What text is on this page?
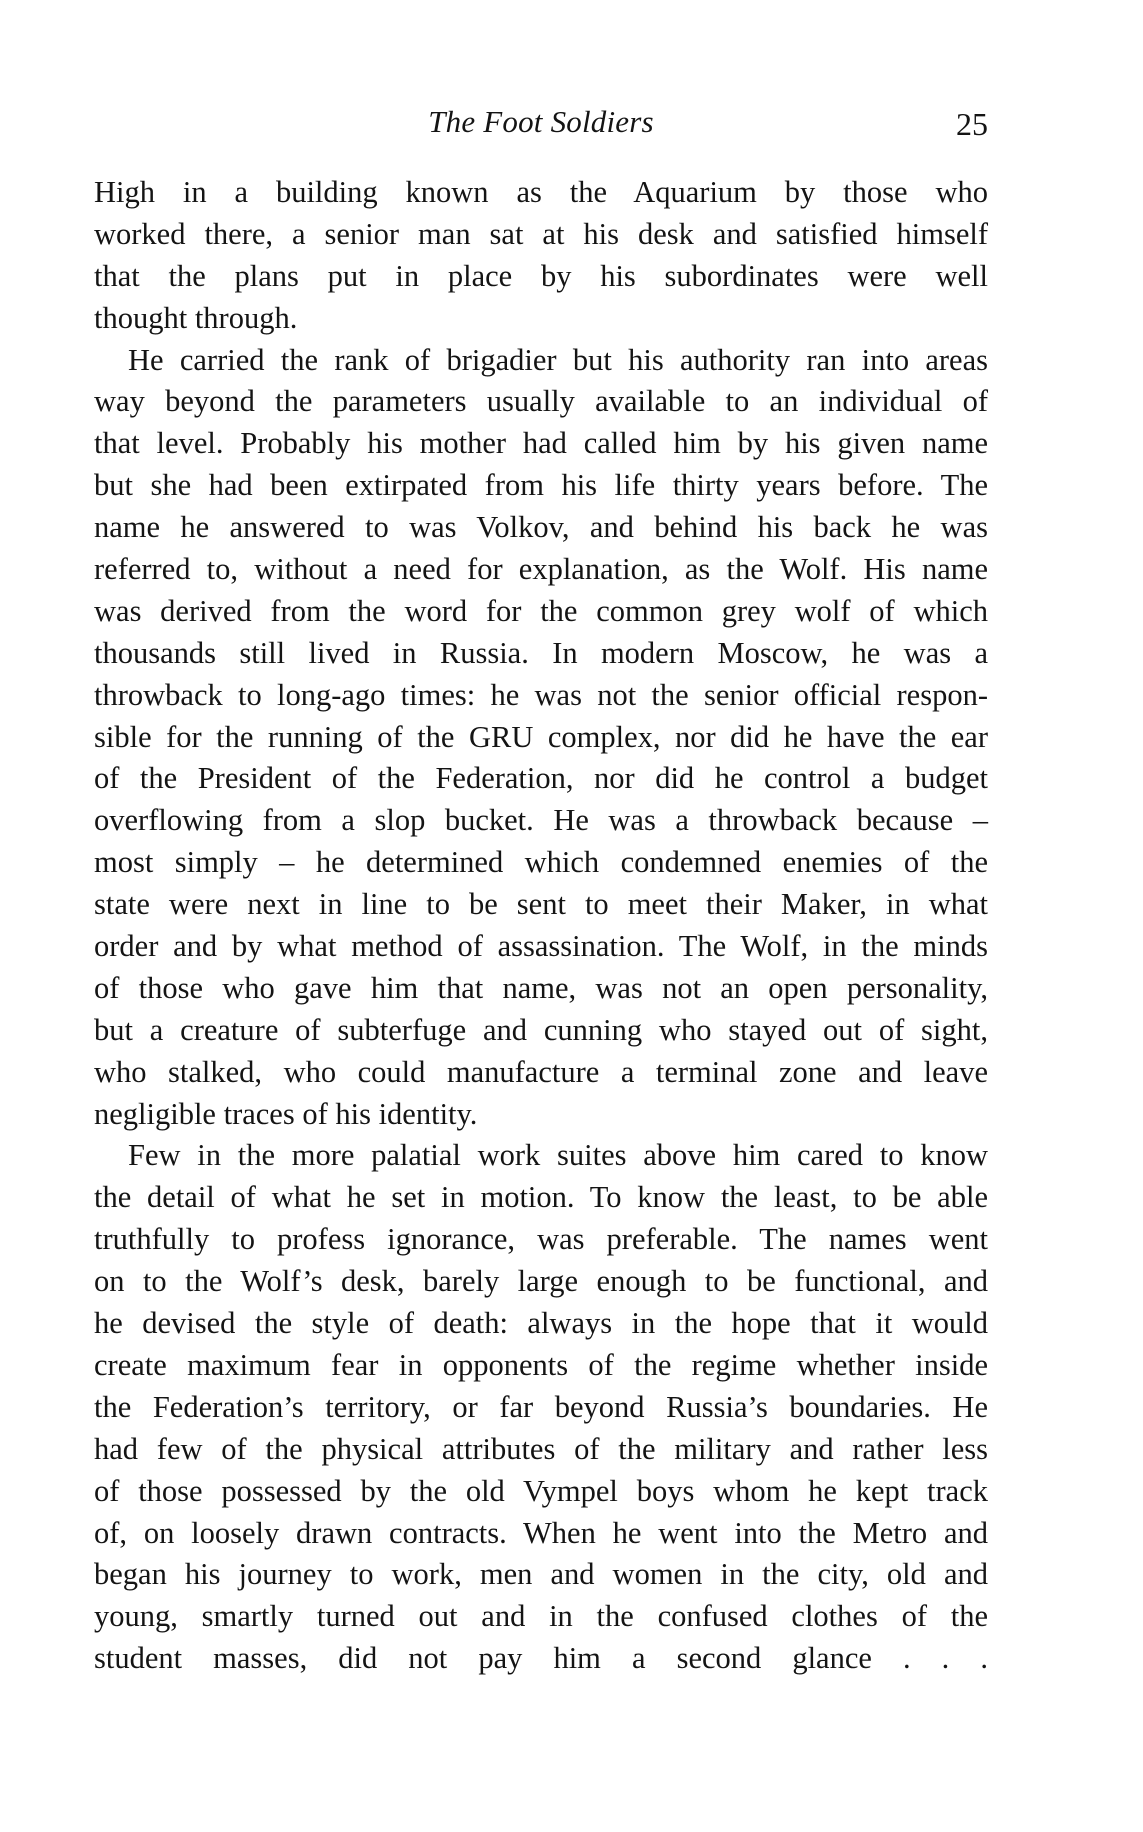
The Foot Soldiers	25
High in a building known as the Aquarium by those who
worked there, a senior man sat at his desk and satisfied himself
that the plans put in place by his subordinates were well
thought through.
He carried the rank of brigadier but his authority ran into areas
way beyond the parameters usually available to an individual of
that level. Probably his mother had called him by his given name
but she had been extirpated from his life thirty years before. The
name he answered to was Volkov, and behind his back he was
referred to, without a need for explanation, as the Wolf. His name
was derived from the word for the common grey wolf of which
thousands still lived in Russia. In modern Moscow, he was a
throwback to long-ago times: he was not the senior official respon-
sible for the running of the GRU complex, nor did he have the ear
of the President of the Federation, nor did he control a budget
overflowing from a slop bucket. He was a throwback because –
most simply – he determined which condemned enemies of the
state were next in line to be sent to meet their Maker, in what
order and by what method of assassination. The Wolf, in the minds
of those who gave him that name, was not an open personality,
but a creature of subterfuge and cunning who stayed out of sight,
who stalked, who could manufacture a terminal zone and leave
negligible traces of his identity.
Few in the more palatial work suites above him cared to know
the detail of what he set in motion. To know the least, to be able
truthfully to profess ignorance, was preferable. The names went
on to the Wolf’s desk, barely large enough to be functional, and
he devised the style of death: always in the hope that it would
create maximum fear in opponents of the regime whether inside
the Federation’s territory, or far beyond Russia’s boundaries. He
had few of the physical attributes of the military and rather less
of those possessed by the old Vympel boys whom he kept track
of, on loosely drawn contracts. When he went into the Metro and
began his journey to work, men and women in the city, old and
young, smartly turned out and in the confused clothes of the
student masses, did not pay him a second glance . . .
